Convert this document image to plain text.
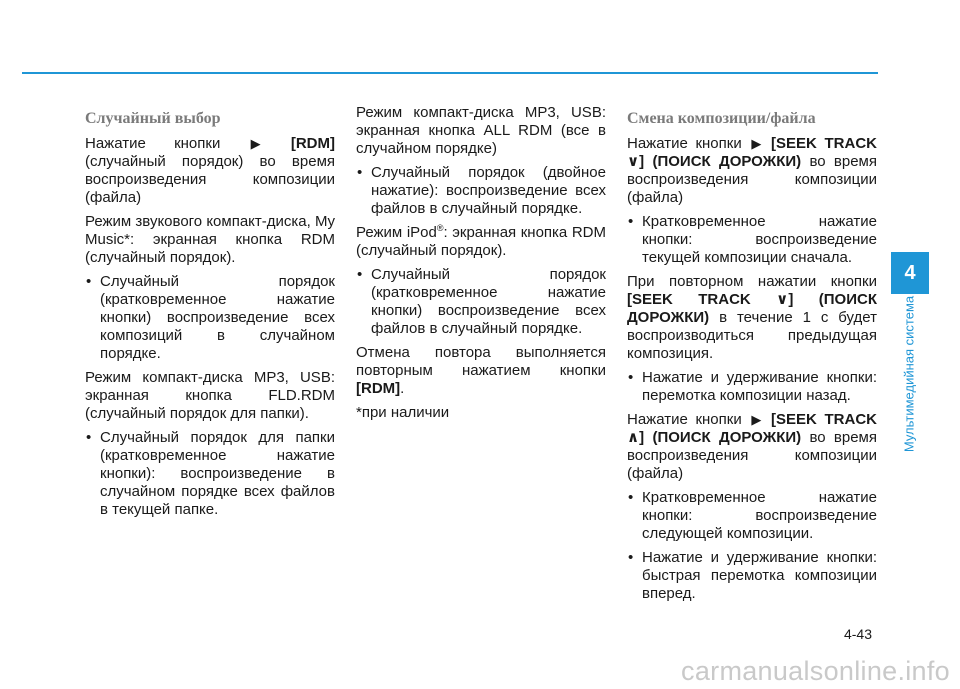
Случайный выбор
Нажатие кнопки ▶ [RDM] (случайный порядок) во время воспроизведения композиции (файла)
Режим звукового компакт-диска, My Music*: экранная кнопка RDM (случайный порядок).
• Случайный порядок (кратковременное нажатие кнопки) воспроизведение всех композиций в случайном порядке.
Режим компакт-диска MP3, USB: экранная кнопка FLD.RDM (случайный порядок для папки).
• Случайный порядок для папки (кратковременное нажатие кнопки): воспроизведение в случайном порядке всех файлов в текущей папке.
Режим компакт-диска MP3, USB: экранная кнопка ALL RDM (все в случайном порядке)
• Случайный порядок (двойное нажатие): воспроизведение всех файлов в случайный порядке.
Режим iPod®: экранная кнопка RDM (случайный порядок).
• Случайный порядок (кратковременное нажатие кнопки) воспроизведение всех файлов в случайный порядке.
Отмена повтора выполняется повторным нажатием кнопки [RDM].
*при наличии
Смена композиции/файла
Нажатие кнопки ▶ [SEEK TRACK ∨] (ПОИСК ДОРОЖКИ) во время воспроизведения композиции (файла)
• Кратковременное нажатие кнопки: воспроизведение текущей композиции сначала.
При повторном нажатии кнопки [SEEK TRACK ∨] (ПОИСК ДОРОЖКИ) в течение 1 с будет воспроизводиться предыдущая композиция.
• Нажатие и удерживание кнопки: перемотка композиции назад.
Нажатие кнопки ▶ [SEEK TRACK ∧] (ПОИСК ДОРОЖКИ) во время воспроизведения композиции (файла)
• Кратковременное нажатие кнопки: воспроизведение следующей композиции.
• Нажатие и удерживание кнопки: быстрая перемотка композиции вперед.
4
Мультимедийная система
4-43
carmanualsonline.info
